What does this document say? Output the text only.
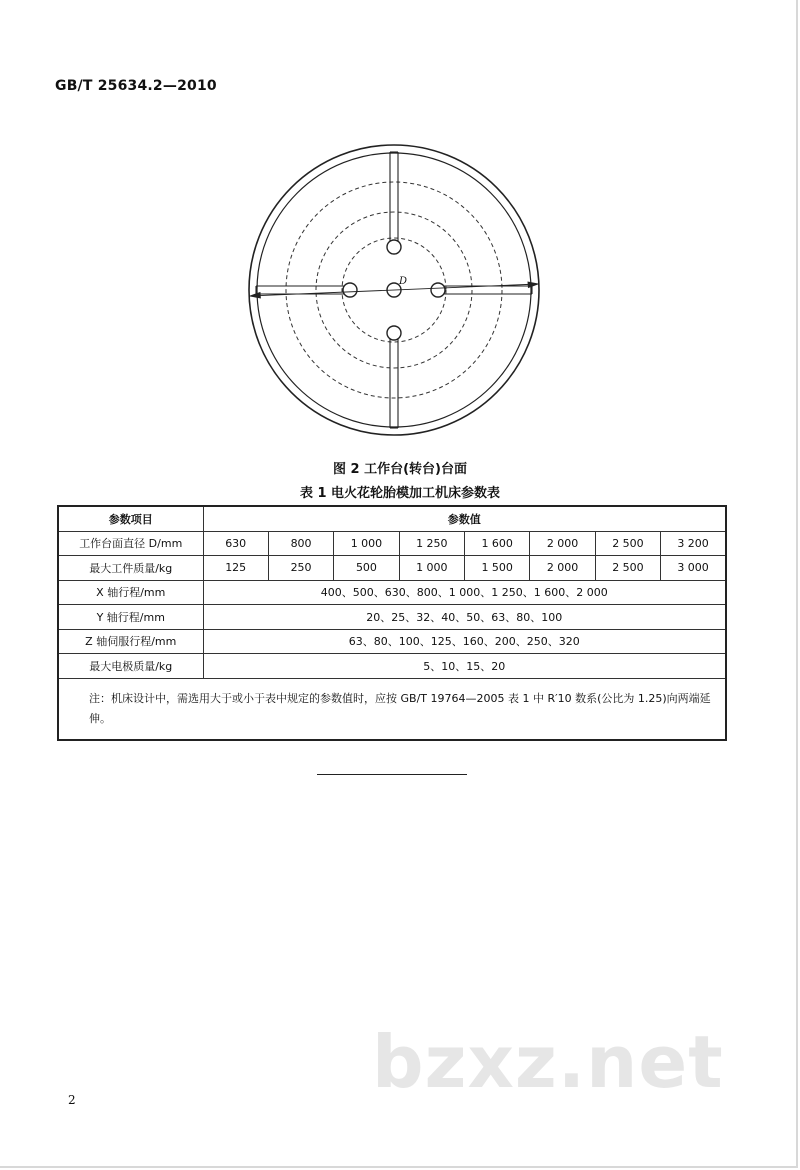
GB/T 25634.2—2010
D
图 2 工作台(转台)台面
表 1 电火花轮胎模加工机床参数表
参数项目	参数值							
工作台面直径 D/mm	630	800	1 000	1 250	1 600	2 000	2 500	3 200
最大工件质量/kg	125	250	500	1 000	1 500	2 000	2 500	3 000
X 轴行程/mm	400、500、630、800、1 000、1 250、1 600、2 000							
Y 轴行程/mm	20、25、32、40、50、63、80、100							
Z 轴伺服行程/mm	63、80、100、125、160、200、250、320							
最大电极质量/kg	5、10、15、20							
注：机床设计中，需选用大于或小于表中规定的参数值时，应按 GB/T 19764—2005 表 1 中 R′10 数系(公比为 1.25)向两端延伸。								
bzxz.net
2
